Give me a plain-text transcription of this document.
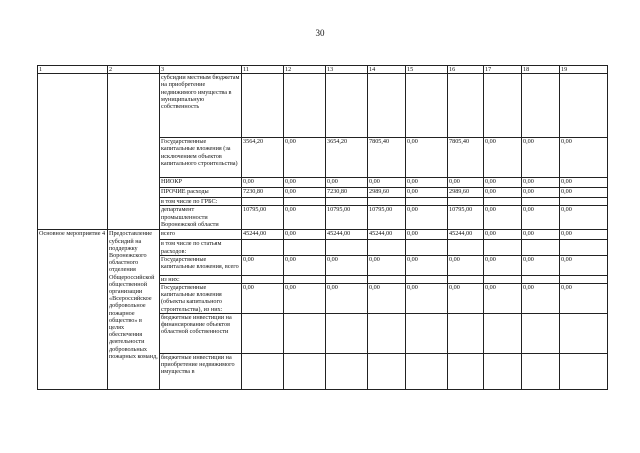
30
1	2	3	11	12	13	14	15	16	17	18	19
		субсидии местным бюджетам на приобретение недвижимого имущества в муниципальную собственность									
		Государственные капитальные вложения (за исключением объектов капитального строительства)	3564,20	0,00	3654,20	7805,40	0,00	7805,40	0,00	0,00	0,00
		НИОКР	0,00	0,00	0,00	0,00	0,00	0,00	0,00	0,00	0,00
		ПРОЧИЕ расходы	7230,80	0,00	7230,80	2989,60	0,00	2989,60	0,00	0,00	0,00
		в том числе по ГРБС:									
		департамент промышленности Воронежской области	10795,00	0,00	10795,00	10795,00	0,00	10795,00	0,00	0,00	0,00
Основное мероприятие 4	Предоставление субсидий на поддержку Воронежского областного отделения Общероссийской общественной организации «Всероссийское добровольное пожарное общество» в целях обеспечения деятельности добровольных пожарных команд,	всего	45244,00	0,00	45244,00	45244,00	0,00	45244,00	0,00	0,00	0,00
		в том числе по статьям расходов:									
		Государственные капитальные вложения, всего	0,00	0,00	0,00	0,00	0,00	0,00	0,00	0,00	0,00
		из них:									
		Государственные капитальные вложения (объекты капитального строительства), из них:	0,00	0,00	0,00	0,00	0,00	0,00	0,00	0,00	0,00
		бюджетные инвестиции на финансирование объектов областной собственности									
		бюджетные инвестиции на приобретение недвижимого имущества в									
